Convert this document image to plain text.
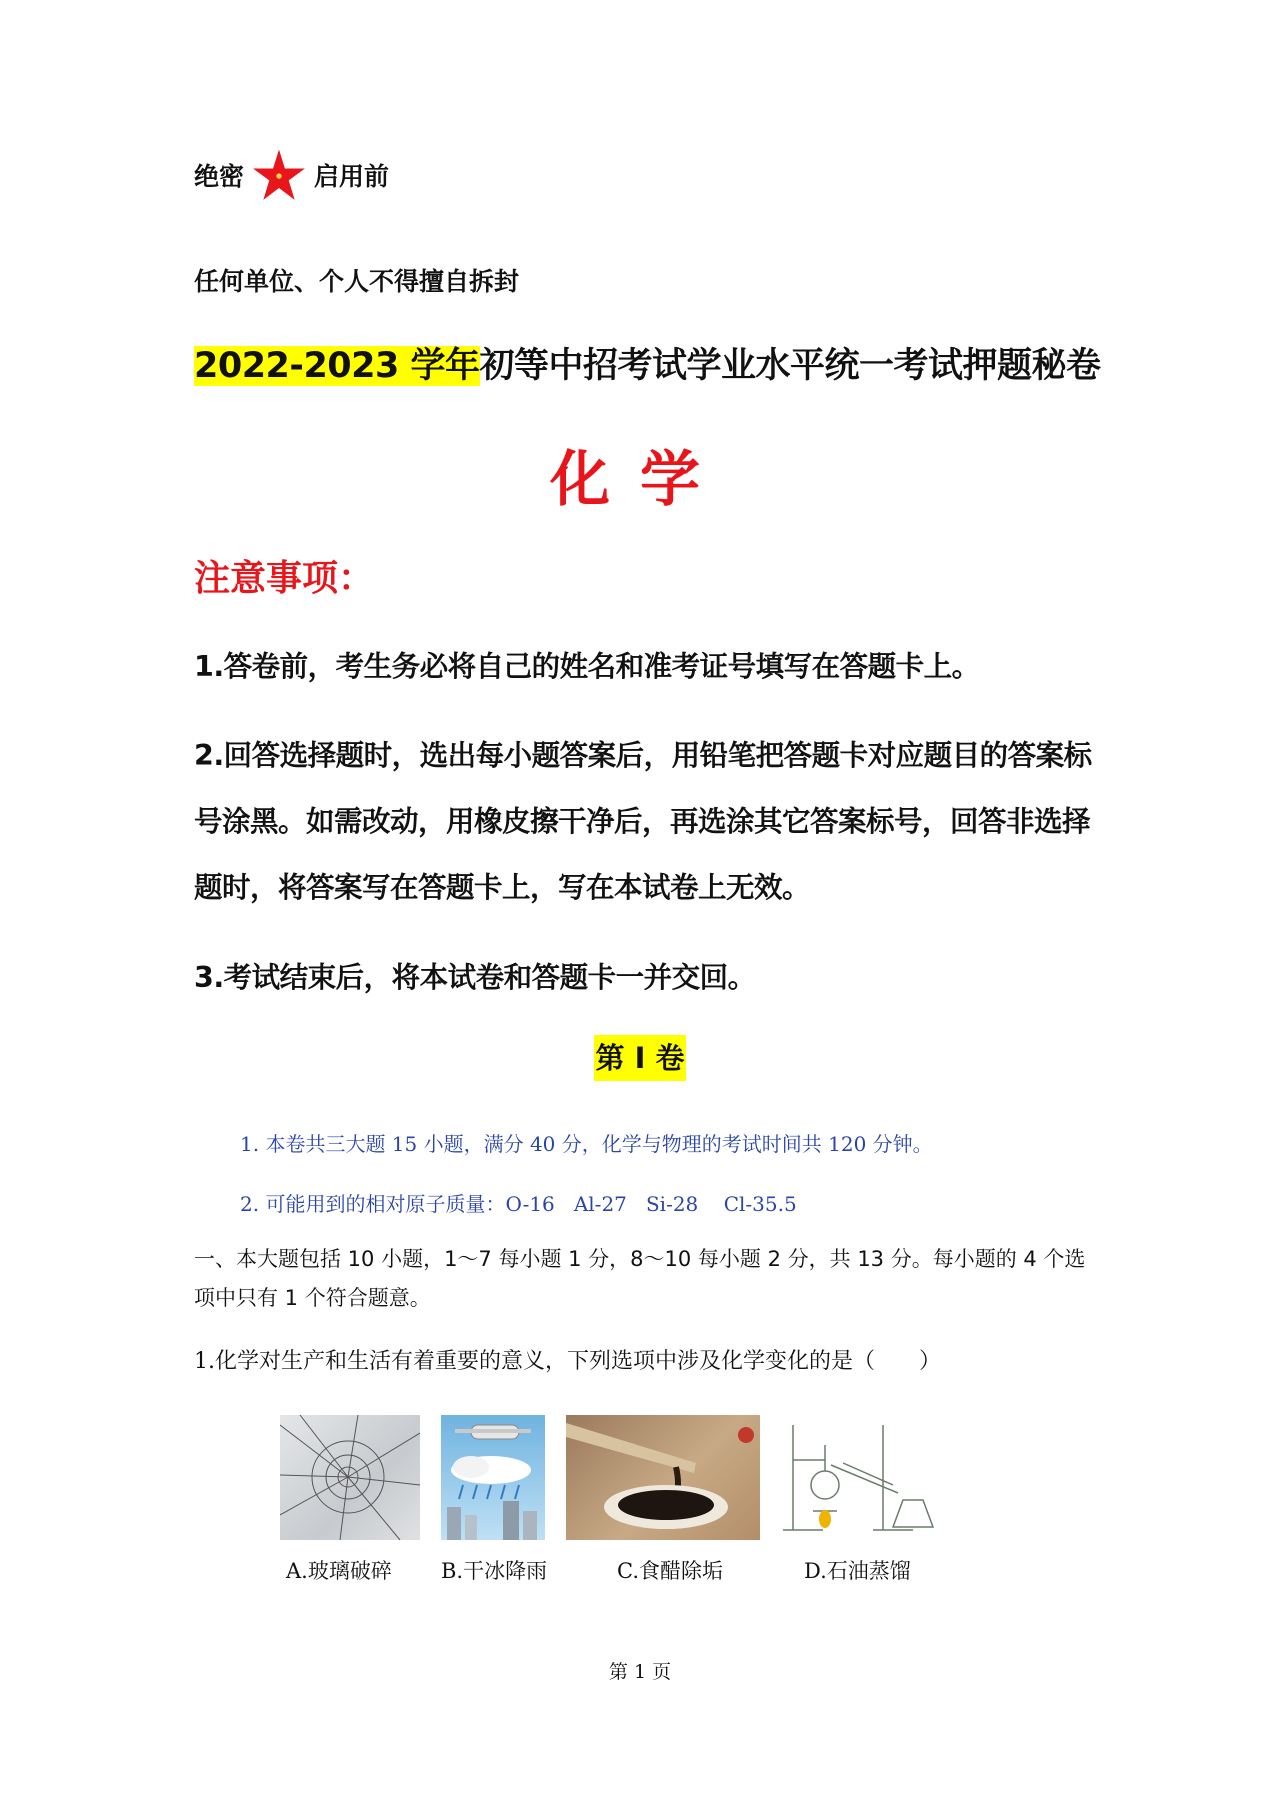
绝密	启用前
任何单位、个人不得擅自拆封
2022-2023 学年初等中招考试学业水平统一考试押题秘卷
化学
注意事项：
1.答卷前，考生务必将自己的姓名和准考证号填写在答题卡上。
2.回答选择题时，选出每小题答案后，用铅笔把答题卡对应题目的答案标号涂黑。如需改动，用橡皮擦干净后，再选涂其它答案标号，回答非选择题时，将答案写在答题卡上，写在本试卷上无效。
3.考试结束后，将本试卷和答题卡一并交回。
第 I 卷
1. 本卷共三大题 15 小题，满分 40 分，化学与物理的考试时间共 120 分钟。
2. 可能用到的相对原子质量：O-16   Al-27   Si-28    Cl-35.5
一、本大题包括 10 小题，1～7 每小题 1 分，8～10 每小题 2 分，共 13 分。每小题的 4 个选项中只有 1 个符合题意。
1.化学对生产和生活有着重要的意义，下列选项中涉及化学变化的是（　　）
A.玻璃破碎 B.干冰降雨	C.食醋除垢	D.石油蒸馏
第 1 页
